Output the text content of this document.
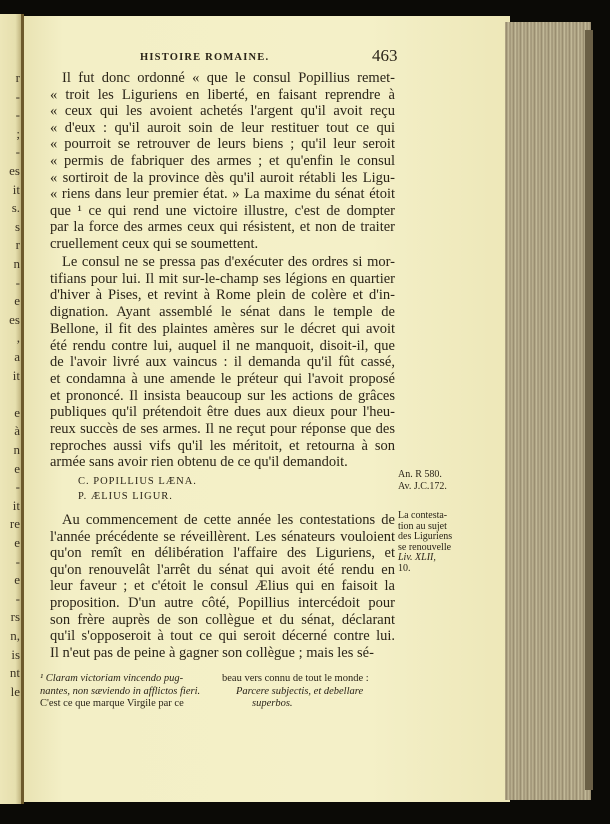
r
-
-
;
-
es
it
s.
s
r
n
-
e
es
,
a
it
e
à
n
e
-
it
re
e
-
e
-
rs
n,
is
nt
le
HISTOIRE ROMAINE.	463
Il fut donc ordonné « que le consul Popillius remet-
« troit les Liguriens en liberté, en faisant reprendre à
« ceux qui les avoient achetés l'argent qu'il avoit reçu
« d'eux : qu'il auroit soin de leur restituer tout ce qui
« pourroit se retrouver de leurs biens ; qu'il leur seroit
« permis de fabriquer des armes ; et qu'enfin le consul
« sortiroit de la province dès qu'il auroit rétabli les Ligu-
« riens dans leur premier état. » La maxime du sénat étoit
que ¹ ce qui rend une victoire illustre, c'est de dompter
par la force des armes ceux qui résistent, et non de traiter
cruellement ceux qui se soumettent.
Le consul ne se pressa pas d'exécuter des ordres si mor-
tifians pour lui. Il mit sur-le-champ ses légions en quartier
d'hiver à Pises, et revint à Rome plein de colère et d'in-
dignation. Ayant assemblé le sénat dans le temple de
Bellone, il fit des plaintes amères sur le décret qui avoit
été rendu contre lui, auquel il ne manquoit, disoit-il, que
de l'avoir livré aux vaincus : il demanda qu'il fût cassé,
et condamna à une amende le préteur qui l'avoit proposé
et prononcé. Il insista beaucoup sur les actions de grâces
publiques qu'il prétendoit être dues aux dieux pour l'heu-
reux succès de ses armes. Il ne reçut pour réponse que des
reproches aussi vifs qu'il les méritoit, et retourna à son
armée sans avoir rien obtenu de ce qu'il demandoit.
Au commencement de cette année les contestations de
l'année précédente se réveillèrent. Les sénateurs vouloient
qu'on remît en délibération l'affaire des Liguriens, et
qu'on renouvelât l'arrêt du sénat qui avoit été rendu en
leur faveur ; et c'étoit le consul Ælius qui en faisoit la
proposition. D'un autre côté, Popillius intercédoit pour
son frère auprès de son collègue et du sénat, déclarant
qu'il s'opposeroit à tout ce qui seroit décerné contre lui.
Il n'eut pas de peine à gagner son collègue ; mais les sé-
C. POPILLIUS LÆNA.
P. ÆLIUS LIGUR.
An. R 580.
Av. J.C.172.
La contesta-
tion au sujet
des Liguriens
se renouvelle
Liv. XLII,
10.
¹ Claram victoriam vincendo pug-
nantes, non sæviendo in afflictos fieri.
C'est ce que marque Virgile par ce
beau vers connu de tout le monde :
Parcere subjectis, et debellare
superbos.
